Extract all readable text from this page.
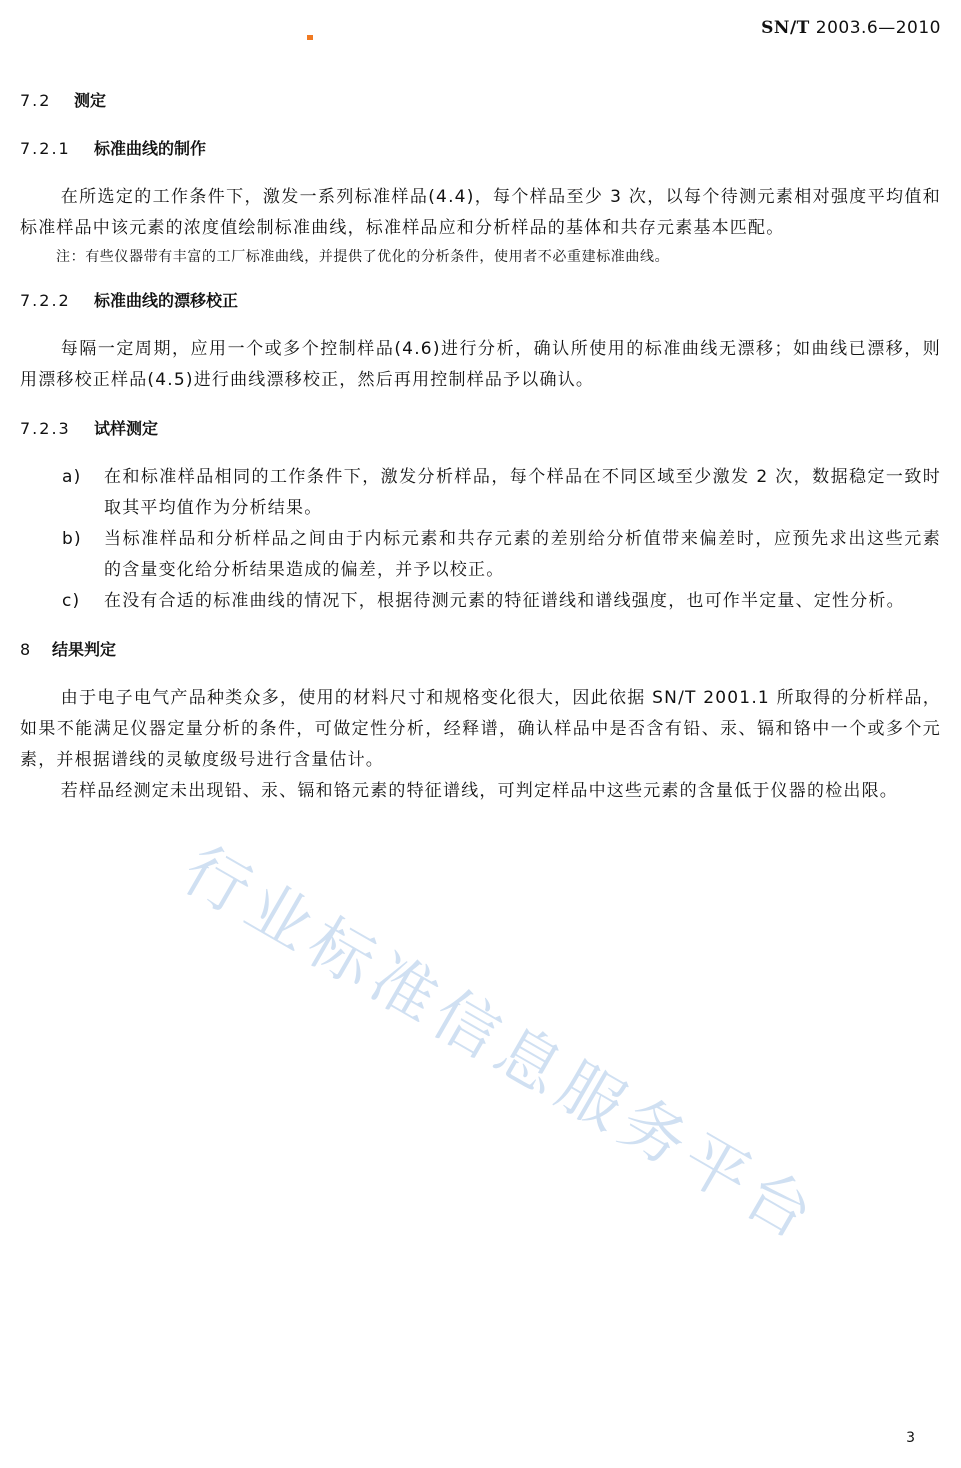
SN/T 2003.6—2010
7.2	测定
7.2.1	标准曲线的制作

在所选定的工作条件下，激发一系列标准样品(4.4)，每个样品至少 3 次，以每个待测元素相对强度平均值和标准样品中该元素的浓度值绘制标准曲线，标准样品应和分析样品的基体和共存元素基本匹配。

注：有些仪器带有丰富的工厂标准曲线，并提供了优化的分析条件，使用者不必重建标准曲线。

7.2.2	标准曲线的漂移校正

每隔一定周期，应用一个或多个控制样品(4.6)进行分析，确认所使用的标准曲线无漂移；如曲线已漂移，则用漂移校正样品(4.5)进行曲线漂移校正，然后再用控制样品予以确认。

7.2.3	试样测定
a)	在和标准样品相同的工作条件下，激发分析样品，每个样品在不同区域至少激发 2 次，数据稳定一致时取其平均值作为分析结果。
b)	当标准样品和分析样品之间由于内标元素和共存元素的差别给分析值带来偏差时，应预先求出这些元素的含量变化给分析结果造成的偏差，并予以校正。
c)	在没有合适的标准曲线的情况下，根据待测元素的特征谱线和谱线强度，也可作半定量、定性分析。
8	结果判定

由于电子电气产品种类众多，使用的材料尺寸和规格变化很大，因此依据 SN/T 2001.1 所取得的分析样品，如果不能满足仪器定量分析的条件，可做定性分析，经释谱，确认样品中是否含有铅、汞、镉和铬中一个或多个元素，并根据谱线的灵敏度级号进行含量估计。

若样品经测定未出现铅、汞、镉和铬元素的特征谱线，可判定样品中这些元素的含量低于仪器的检出限。

行业标准信息服务平台
3
